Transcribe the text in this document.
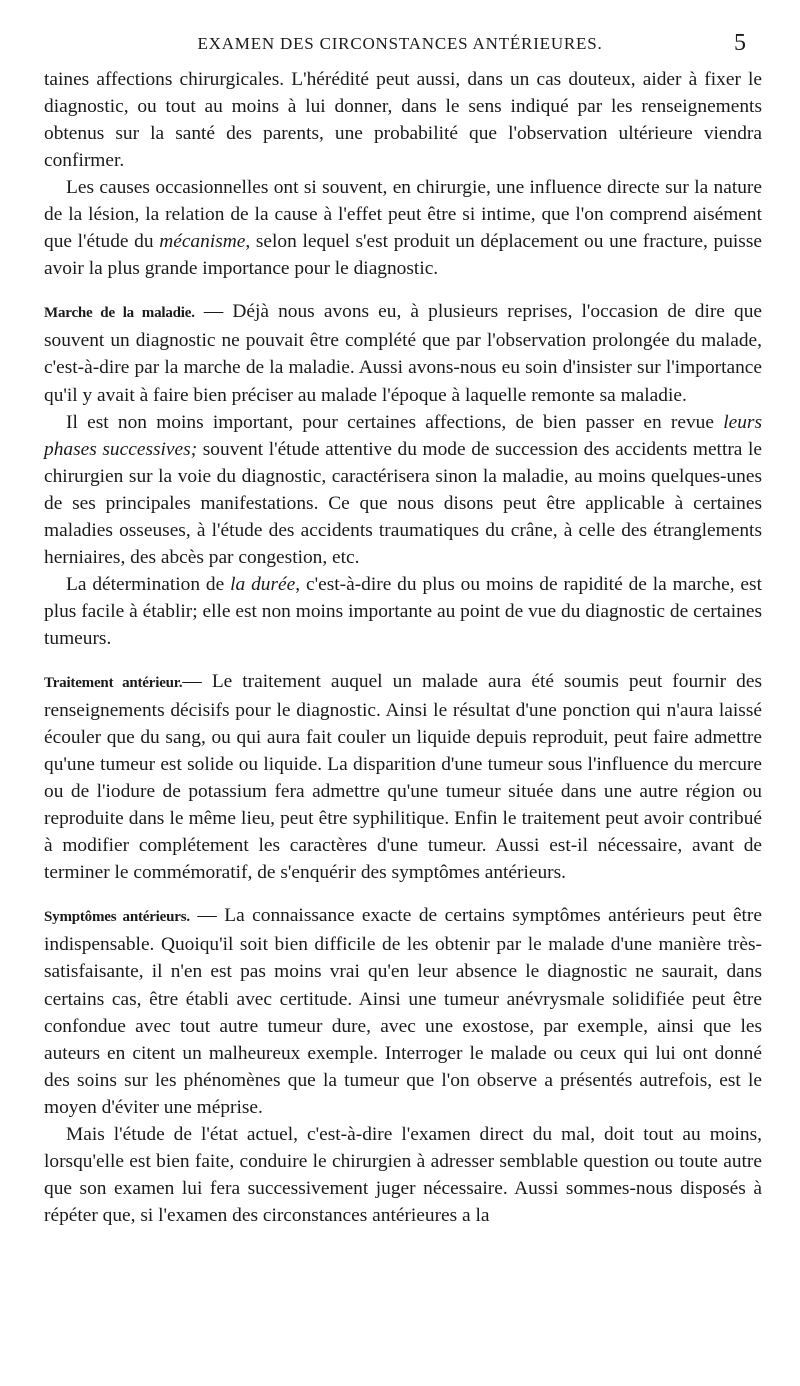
EXAMEN DES CIRCONSTANCES ANTÉRIEURES.	5

taines affections chirurgicales. L'hérédité peut aussi, dans un cas douteux, aider à fixer le diagnostic, ou tout au moins à lui donner, dans le sens indiqué par les renseignements obtenus sur la santé des parents, une probabilité que l'observation ultérieure viendra confirmer.

Les causes occasionnelles ont si souvent, en chirurgie, une influence directe sur la nature de la lésion, la relation de la cause à l'effet peut être si intime, que l'on comprend aisément que l'étude du mécanisme, selon lequel s'est produit un déplacement ou une fracture, puisse avoir la plus grande importance pour le diagnostic.

Marche de la maladie. — Déjà nous avons eu, à plusieurs reprises, l'occasion de dire que souvent un diagnostic ne pouvait être complété que par l'observation prolongée du malade, c'est-à-dire par la marche de la maladie. Aussi avons-nous eu soin d'insister sur l'importance qu'il y avait à faire bien préciser au malade l'époque à laquelle remonte sa maladie.

Il est non moins important, pour certaines affections, de bien passer en revue leurs phases successives; souvent l'étude attentive du mode de succession des accidents mettra le chirurgien sur la voie du diagnostic, caractérisera sinon la maladie, au moins quelques-unes de ses principales manifestations. Ce que nous disons peut être applicable à certaines maladies osseuses, à l'étude des accidents traumatiques du crâne, à celle des étranglements herniaires, des abcès par congestion, etc.

La détermination de la durée, c'est-à-dire du plus ou moins de rapidité de la marche, est plus facile à établir; elle est non moins importante au point de vue du diagnostic de certaines tumeurs.

Traitement antérieur.— Le traitement auquel un malade aura été soumis peut fournir des renseignements décisifs pour le diagnostic. Ainsi le résultat d'une ponction qui n'aura laissé écouler que du sang, ou qui aura fait couler un liquide depuis reproduit, peut faire admettre qu'une tumeur est solide ou liquide. La disparition d'une tumeur sous l'influence du mercure ou de l'iodure de potassium fera admettre qu'une tumeur située dans une autre région ou reproduite dans le même lieu, peut être syphilitique. Enfin le traitement peut avoir contribué à modifier complétement les caractères d'une tumeur. Aussi est-il nécessaire, avant de terminer le commémoratif, de s'enquérir des symptômes antérieurs.

Symptômes antérieurs. — La connaissance exacte de certains symptômes antérieurs peut être indispensable. Quoiqu'il soit bien difficile de les obtenir par le malade d'une manière très-satisfaisante, il n'en est pas moins vrai qu'en leur absence le diagnostic ne saurait, dans certains cas, être établi avec certitude. Ainsi une tumeur anévrysmale solidifiée peut être confondue avec tout autre tumeur dure, avec une exostose, par exemple, ainsi que les auteurs en citent un malheureux exemple. Interroger le malade ou ceux qui lui ont donné des soins sur les phénomènes que la tumeur que l'on observe a présentés autrefois, est le moyen d'éviter une méprise.

Mais l'étude de l'état actuel, c'est-à-dire l'examen direct du mal, doit tout au moins, lorsqu'elle est bien faite, conduire le chirurgien à adresser semblable question ou toute autre que son examen lui fera successivement juger nécessaire. Aussi sommes-nous disposés à répéter que, si l'examen des circonstances antérieures a la
